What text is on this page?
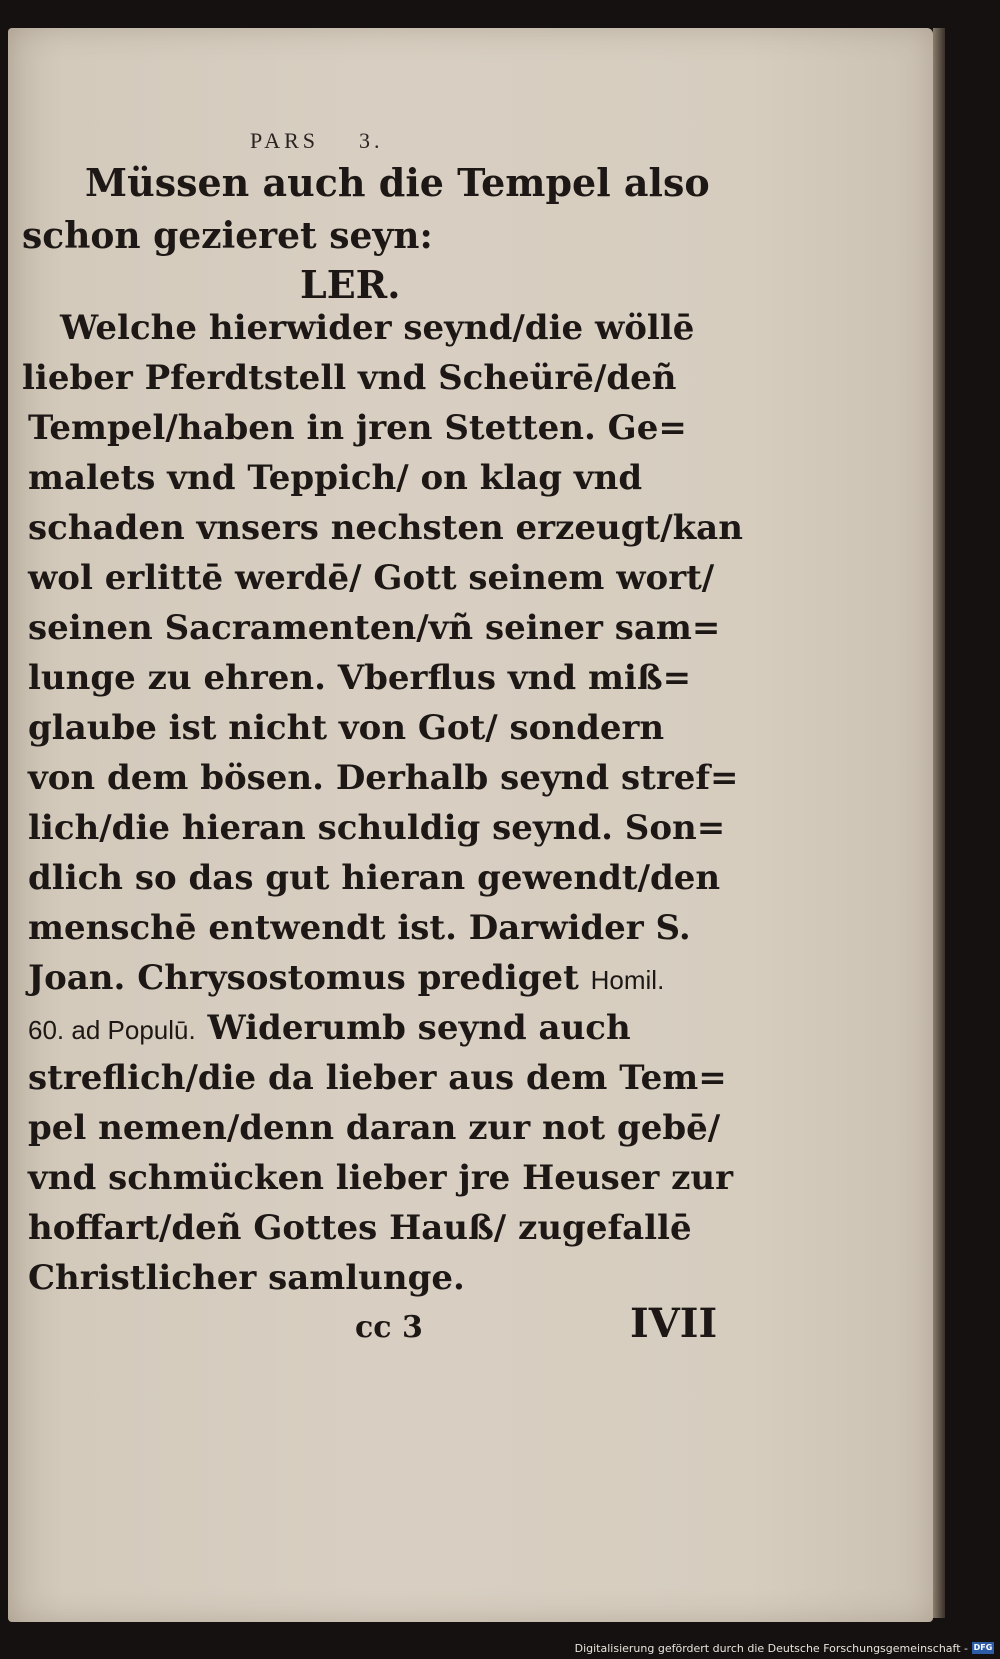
PARS 3.
Müssen auch die Tempel also
schon gezieret seyn:
LER.
Welche hierwider seynd/die wöllē
lieber Pferdtstell vnd Scheürē/deñ
Tempel/haben in jren Stetten. Ge=
malets vnd Teppich/ on klag vnd
schaden vnsers nechsten erzeugt/kan
wol erlittē werdē/ Gott seinem wort/
seinen Sacramenten/vñ seiner sam=
lunge zu ehren. Vberflus vnd miß=
glaube ist nicht von Got/ sondern
von dem bösen. Derhalb seynd stref=
lich/die hieran schuldig seynd. Son=
dlich so das gut hieran gewendt/den
menschē entwendt ist. Darwider S.
Joan. Chrysostomus prediget Homil.
60. ad Populū. Widerumb seynd auch
streflich/die da lieber aus dem Tem=
pel nemen/denn daran zur not gebē/
vnd schmücken lieber jre Heuser zur
hoffart/deñ Gottes Hauß/ zugefallē
Christlicher samlunge.
cc 3	IVII
Digitalisierung gefördert durch die Deutsche Forschungsgemeinschaft - DFG
